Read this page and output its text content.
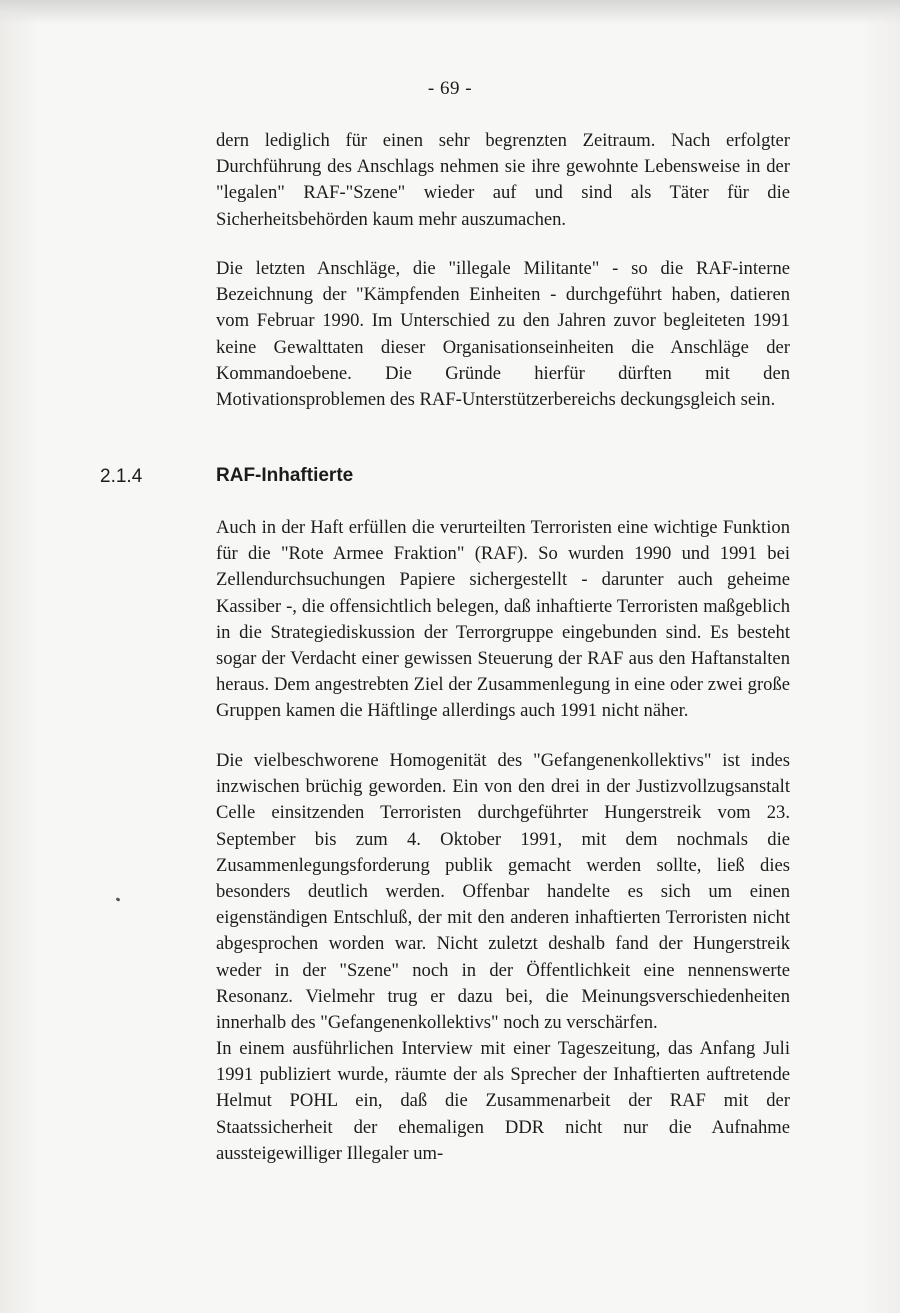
- 69 -

dern lediglich für einen sehr begrenzten Zeitraum. Nach erfolgter Durchführung des Anschlags nehmen sie ihre gewohnte Lebensweise in der "legalen" RAF-"Szene" wieder auf und sind als Täter für die Sicherheitsbehörden kaum mehr auszumachen.

Die letzten Anschläge, die "illegale Militante" - so die RAF-interne Bezeichnung der "Kämpfenden Einheiten - durchgeführt haben, datieren vom Februar 1990. Im Unterschied zu den Jahren zuvor begleiteten 1991 keine Gewalttaten dieser Organisationseinheiten die Anschläge der Kommandoebene. Die Gründe hierfür dürften mit den Motivationsproblemen des RAF-Unterstützerbereichs deckungsgleich sein.

2.1.4	RAF-Inhaftierte

Auch in der Haft erfüllen die verurteilten Terroristen eine wichtige Funktion für die "Rote Armee Fraktion" (RAF). So wurden 1990 und 1991 bei Zellendurchsuchungen Papiere sichergestellt - darunter auch geheime Kassiber -, die offensichtlich belegen, daß inhaftierte Terroristen maßgeblich in die Strategiediskussion der Terrorgruppe eingebunden sind. Es besteht sogar der Verdacht einer gewissen Steuerung der RAF aus den Haftanstalten heraus. Dem angestrebten Ziel der Zusammenlegung in eine oder zwei große Gruppen kamen die Häftlinge allerdings auch 1991 nicht näher.

Die vielbeschworene Homogenität des "Gefangenenkollektivs" ist indes inzwischen brüchig geworden. Ein von den drei in der Justizvollzugsanstalt Celle einsitzenden Terroristen durchgeführter Hungerstreik vom 23. September bis zum 4. Oktober 1991, mit dem nochmals die Zusammenlegungsforderung publik gemacht werden sollte, ließ dies besonders deutlich werden. Offenbar handelte es sich um einen eigenständigen Entschluß, der mit den anderen inhaftierten Terroristen nicht abgesprochen worden war. Nicht zuletzt deshalb fand der Hungerstreik weder in der "Szene" noch in der Öffentlichkeit eine nennenswerte Resonanz. Vielmehr trug er dazu bei, die Meinungsverschiedenheiten innerhalb des "Gefangenenkollektivs" noch zu verschärfen.

In einem ausführlichen Interview mit einer Tageszeitung, das Anfang Juli 1991 publiziert wurde, räumte der als Sprecher der Inhaftierten auftretende Helmut POHL ein, daß die Zusammenarbeit der RAF mit der Staatssicherheit der ehemaligen DDR nicht nur die Aufnahme aussteigewilliger Illegaler um-
